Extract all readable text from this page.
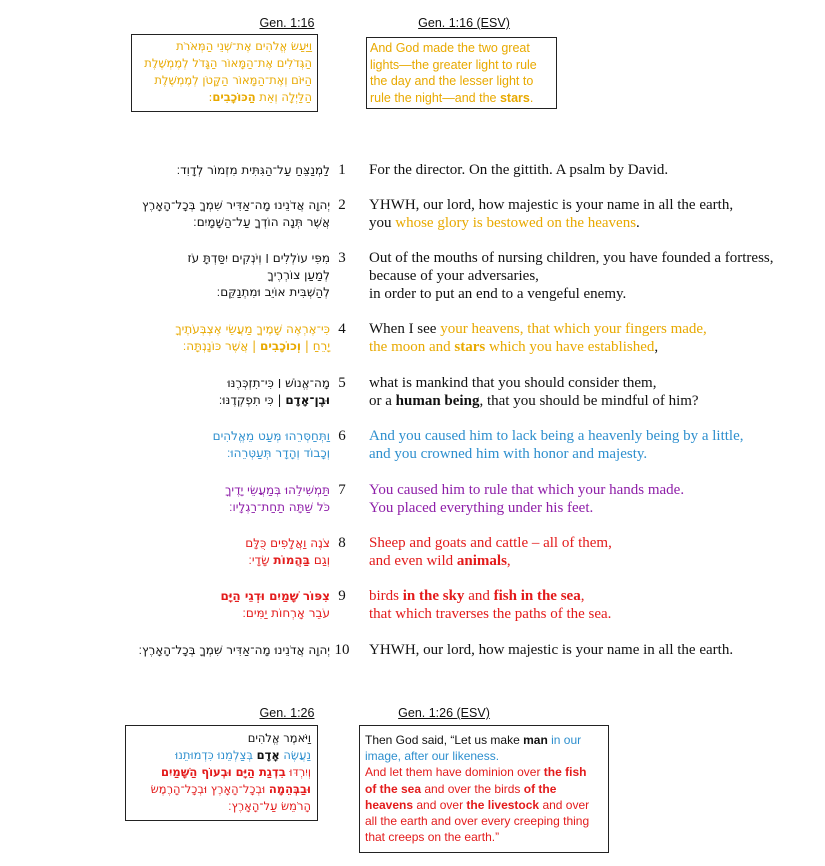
Gen. 1:16
וַיַּעַשׂ אֱלֹהִים אֶת־שְׁנֵי הַמְּאֹרֹת
הַגְּדֹלִים אֶת־הַמָּאוֹר הַגָּדֹל לְמֶמְשֶׁלֶת
הַיּוֹם וְאֶת־הַמָּאוֹר הַקָּטֹן לְמֶמְשֶׁלֶת
הַלַּיְלָה וְאֵת הַכּוֹכָבִים:
Gen. 1:16 (ESV)
And God made the two great
lights—the greater light to rule
the day and the lesser light to
rule the night—and the stars.
לַמְנַצֵּחַ עַל־הַגִּתִּית מִזְמוֹר לְדָוִד׃ 1	For the director. On the gittith. A psalm by David.
יְהוָה אֲדֹנֵינוּ מָה־אַדִּיר שִׁמְךָ בְּכָל־הָאָרֶץ
אֲשֶׁר תְּנָה הוֹדְךָ עַל־הַשָּׁמָיִם׃
2	YHWH, our lord, how majestic is your name in all the earth,
you whose glory is bestowed on the heavens.
מִפִּי עוֹלְלִים ׀ וְיֹנְקִים יִסַּדְתָּ עֹז
לְמַעַן צוֹרְרֶיךָ
לְהַשְׁבִּית אוֹיֵב וּמִתְנַקֵּם׃
3	Out of the mouths of nursing children, you have founded a fortress,
because of your adversaries,
in order to put an end to a vengeful enemy.
כִּי־אֶרְאֶה שָׁמֶיךָ מַעֲשֵׂי אֶצְבְּעֹתֶיךָ
יָרֵחַ | וְכוֹכָבִים | אֲשֶׁר כּוֹנָנְתָּה׃
4	When I see your heavens, that which your fingers made,
the moon and stars which you have established,
מָה־אֱנוֹשׁ ׀ כִּי־תִזְכְּרֶנּוּ
וּבֶן־אָדָם | כִּי תִפְקְדֶנּוּ׃
5	what is mankind that you should consider them,
or a human being, that you should be mindful of him?
וַתְּחַסְּרֵהוּ מְּעַט מֵאֱלֹהִים
וְכָבוֹד וְהָדָר תְּעַטְּרֵהוּ׃
6	And you caused him to lack being a heavenly being by a little,
and you crowned him with honor and majesty.
תַּמְשִׁילֵהוּ בְּמַעֲשֵׂי יָדֶיךָ
כֹּל שַׁתָּה תַחַת־רַגְלָיו׃
7	You caused him to rule that which your hands made.
You placed everything under his feet.
צֹנֶה וַאֲלָפִים כֻּלָּם
וְגַם בַּהֲמוֹת שָׂדָי׃
8	Sheep and goats and cattle – all of them,
and even wild animals,
צִפּוֹר שָׁמַיִם וּדְגֵי הַיָּם
עֹבֵר אָרְחוֹת יַמִּים׃
9	birds in the sky and fish in the sea,
that which traverses the paths of the sea.
יְהוָה אֲדֹנֵינוּ מָה־אַדִּיר שִׁמְךָ בְּכָל־הָאָרֶץ׃ 10	YHWH, our lord, how majestic is your name in all the earth.
Gen. 1:26
וַיֹּאמֶר אֱלֹהִים
נַעֲשֶׂה אָדָם בְּצַלְמֵנוּ כִּדְמוּתֵנוּ
וְיִרְדּוּ בִדְגַת הַיָּם וּבְעוֹף הַשָּׁמַיִם
וּבַבְּהֵמָה וּבְכָל־הָאָרֶץ וּבְכָל־הָרֶמֶשׂ
הָרֹמֵשׂ עַל־הָאָרֶץ׃
Gen. 1:26 (ESV)
Then God said, “Let us make man in our
image, after our likeness.
And let them have dominion over the fish
of the sea and over the birds of the
heavens and over the livestock and over
all the earth and over every creeping thing
that creeps on the earth.”
